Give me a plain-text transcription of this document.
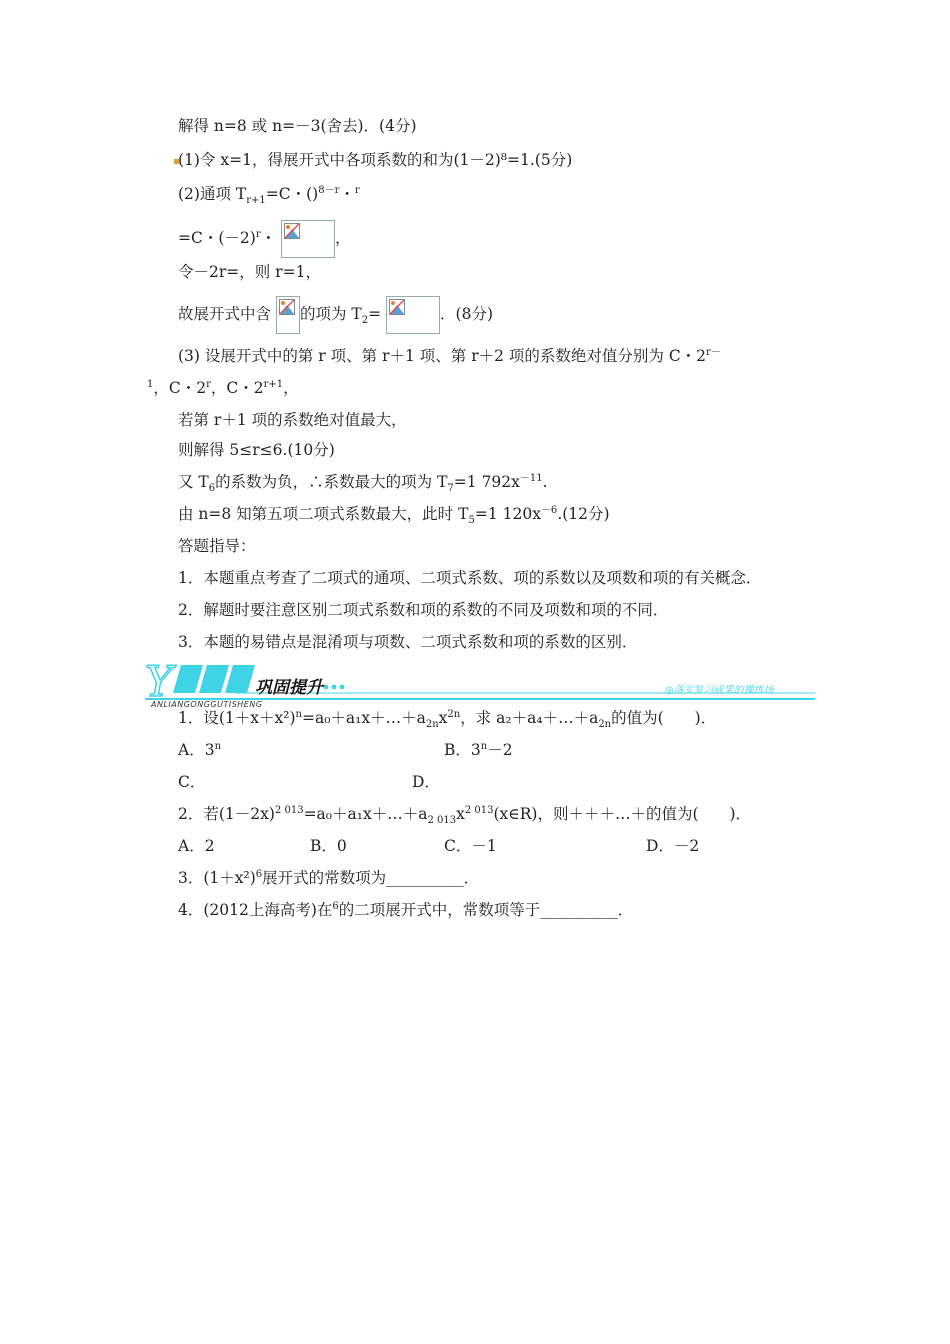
解得 n=8 或 n=－3(舍去)．(4分)
(1)令 x=1，得展开式中各项系数的和为(1－2)⁸=1.(5分)
(2)通项 $T_{r+1}=C$・()$^{8-r}$・$^r$
=C・$(-2)^r$・	，
令－2r=，则 r=1，
故展开式中含 的项为 $T_2=$	．(8分)
(3) 设展开式中的第 r 项、第 r＋1 项、第 r＋2 项的系数绝对值分别为 C・$2^{r-}$
$^1$，C・2$^r$，C・$2^{r+1}$，
若第 r＋1 项的系数绝对值最大，
则解得 5≤r≤6.(10分)
又 $T_6$的系数为负，∴系数最大的项为 $T_7=1$ $792x^{-11}$.
由 n=8 知第五项二项式系数最大，此时 $T_5=1$ $120x^{-6}.(12$分)
答题指导：
1．本题重点考查了二项式的通项、二项式系数、项的系数以及项数和项的有关概念．
2．解题时要注意区别二项式系数和项的系数的不同及项数和项的不同．
3．本题的易错点是混淆项与项数、二项式系数和项的系数的区别．
Y	巩固提升
ANLIANGONGGUTISHENG
◎落实复习成果的操练场
1．设$(1+x+x^2)^n=a_0+a_1x+\dots+a_{2n}x^{2n}$，求 $a_2+a_4+\dots+a_{2n}$的值为(　　)．
A．3$^n$	B．$3^n-2$
C．	D．
2．若$(1-2x)^{2 013}=a_0+a_1x+\dots+a_{2 013}x^{2 013}(x\in R)$，则＋＋＋…＋的值为(　　)．
A．2	B．0	C．－1	D．－2
3．$(1+x^2)^6$展开式的常数项为__________．
4．(2012上海高考)在$^6$的二项展开式中，常数项等于__________．
